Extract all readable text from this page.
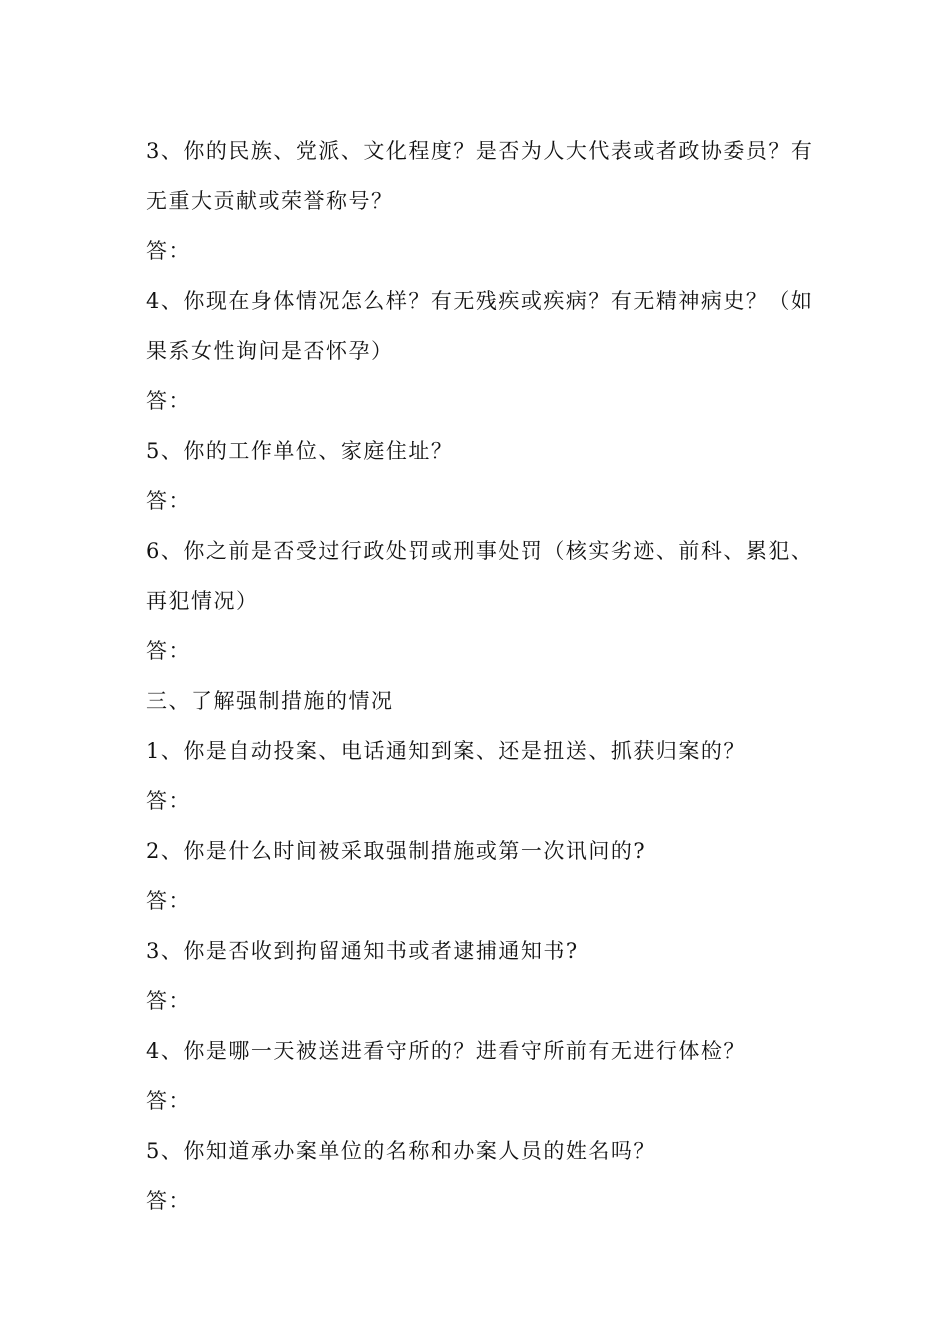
3、你的民族、党派、文化程度？是否为人大代表或者政协委员？有
无重大贡献或荣誉称号？
答：
4、你现在身体情况怎么样？有无残疾或疾病？有无精神病史？（如
果系女性询问是否怀孕）
答：
5、你的工作单位、家庭住址？
答：
6、你之前是否受过行政处罚或刑事处罚（核实劣迹、前科、累犯、
再犯情况）
答：
三、了解强制措施的情况
1、你是自动投案、电话通知到案、还是扭送、抓获归案的？
答：
2、你是什么时间被采取强制措施或第一次讯问的?
答：
3、你是否收到拘留通知书或者逮捕通知书?
答：
4、你是哪一天被送进看守所的？进看守所前有无进行体检？
答：
5、你知道承办案单位的名称和办案人员的姓名吗？
答：
